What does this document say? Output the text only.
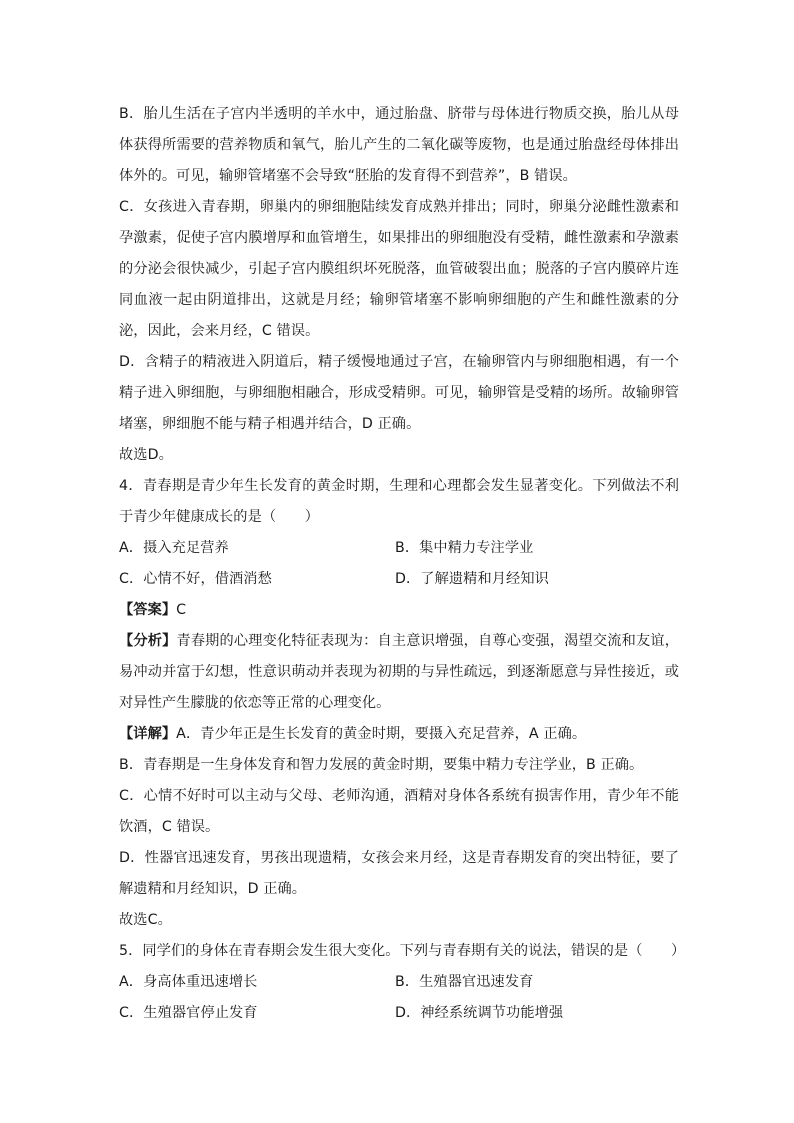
B．胎儿生活在子宫内半透明的羊水中，通过胎盘、脐带与母体进行物质交换，胎儿从母体获得所需要的营养物质和氧气，胎儿产生的二氧化碳等废物，也是通过胎盘经母体排出体外的。可见，输卵管堵塞不会导致“胚胎的发育得不到营养”，B 错误。

C．女孩进入青春期，卵巢内的卵细胞陆续发育成熟并排出；同时，卵巢分泌雌性激素和孕激素，促使子宫内膜增厚和血管增生，如果排出的卵细胞没有受精，雌性激素和孕激素的分泌会很快减少，引起子宫内膜组织坏死脱落，血管破裂出血；脱落的子宫内膜碎片连同血液一起由阴道排出，这就是月经；输卵管堵塞不影响卵细胞的产生和雌性激素的分泌，因此，会来月经，C 错误。

D．含精子的精液进入阴道后，精子缓慢地通过子宫，在输卵管内与卵细胞相遇，有一个精子进入卵细胞，与卵细胞相融合，形成受精卵。可见，输卵管是受精的场所。故输卵管堵塞，卵细胞不能与精子相遇并结合，D 正确。

故选D。

4．青春期是青少年生长发育的黄金时期，生理和心理都会发生显著变化。下列做法不利于青少年健康成长的是（　　）

A．摄入充足营养	B．集中精力专注学业
C．心情不好，借酒消愁	D．了解遗精和月经知识

【答案】C

【分析】青春期的心理变化特征表现为：自主意识增强，自尊心变强，渴望交流和友谊，易冲动并富于幻想，性意识萌动并表现为初期的与异性疏远，到逐渐愿意与异性接近，或对异性产生朦胧的依恋等正常的心理变化。

【详解】A．青少年正是生长发育的黄金时期，要摄入充足营养，A 正确。

B．青春期是一生身体发育和智力发展的黄金时期，要集中精力专注学业，B 正确。

C．心情不好时可以主动与父母、老师沟通，酒精对身体各系统有损害作用，青少年不能饮酒，C 错误。

D．性器官迅速发育，男孩出现遗精，女孩会来月经，这是青春期发育的突出特征，要了解遗精和月经知识，D 正确。

故选C。

5．同学们的身体在青春期会发生很大变化。下列与青春期有关的说法，错误的是（　　）

A．身高体重迅速增长	B．生殖器官迅速发育
C．生殖器官停止发育	D．神经系统调节功能增强
